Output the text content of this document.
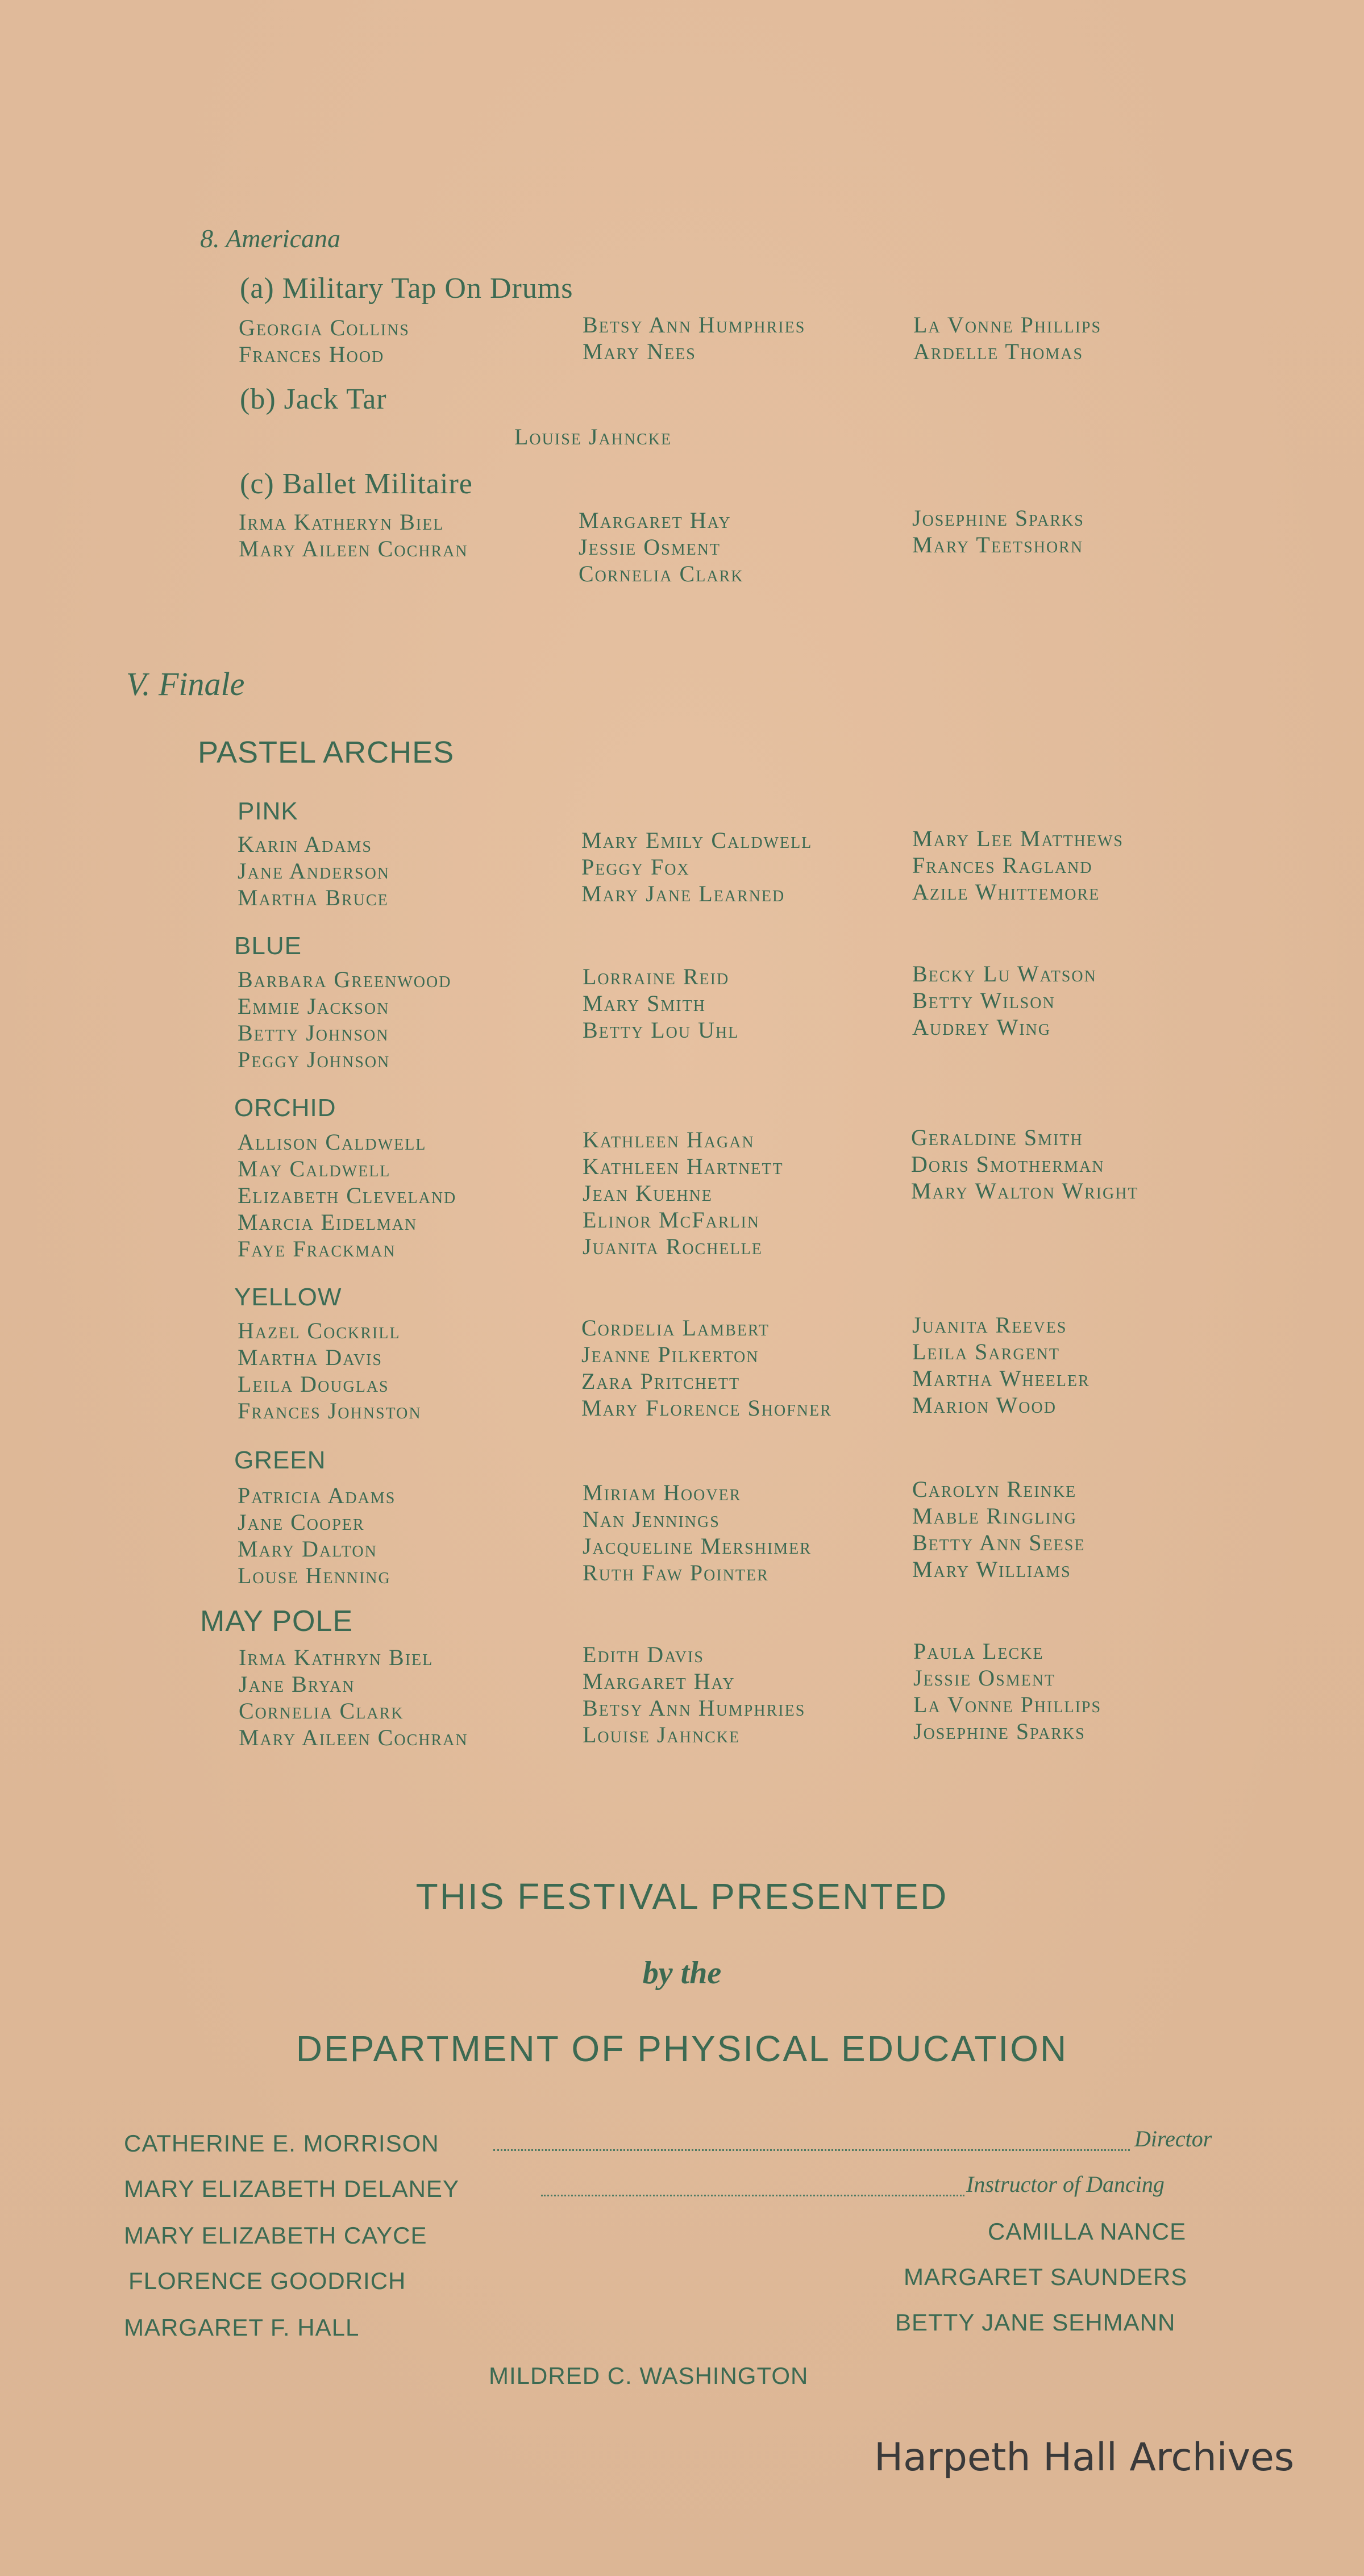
8. Americana
(a) Military Tap On Drums
Georgia Collins
Frances Hood
Betsy Ann Humphries
Mary Nees
La Vonne Phillips
Ardelle Thomas
(b) Jack Tar
Louise Jahncke
(c) Ballet Militaire
Irma Katheryn Biel
Mary Aileen Cochran
Margaret Hay
Jessie Osment
Cornelia Clark
Josephine Sparks
Mary Teetshorn
V. Finale
PASTEL ARCHES
PINK
Karin Adams
Jane Anderson
Martha Bruce
Mary Emily Caldwell
Peggy Fox
Mary Jane Learned
Mary Lee Matthews
Frances Ragland
Azile Whittemore
BLUE
Barbara Greenwood
Emmie Jackson
Betty Johnson
Peggy Johnson
Lorraine Reid
Mary Smith
Betty Lou Uhl
Becky Lu Watson
Betty Wilson
Audrey Wing
ORCHID
Allison Caldwell
May Caldwell
Elizabeth Cleveland
Marcia Eidelman
Faye Frackman
Kathleen Hagan
Kathleen Hartnett
Jean Kuehne
Elinor McFarlin
Juanita Rochelle
Geraldine Smith
Doris Smotherman
Mary Walton Wright
YELLOW
Hazel Cockrill
Martha Davis
Leila Douglas
Frances Johnston
Cordelia Lambert
Jeanne Pilkerton
Zara Pritchett
Mary Florence Shofner
Juanita Reeves
Leila Sargent
Martha Wheeler
Marion Wood
GREEN
Patricia Adams
Jane Cooper
Mary Dalton
Louse Henning
Miriam Hoover
Nan Jennings
Jacqueline Mershimer
Ruth Faw Pointer
Carolyn Reinke
Mable Ringling
Betty Ann Seese
Mary Williams
MAY POLE
Irma Kathryn Biel
Jane Bryan
Cornelia Clark
Mary Aileen Cochran
Edith Davis
Margaret Hay
Betsy Ann Humphries
Louise Jahncke
Paula Lecke
Jessie Osment
La Vonne Phillips
Josephine Sparks
THIS FESTIVAL PRESENTED
by the
DEPARTMENT OF PHYSICAL EDUCATION
CATHERINE E. MORRISON	Director
MARY ELIZABETH DELANEY	Instructor of Dancing
MARY ELIZABETH CAYCE
FLORENCE GOODRICH
MARGARET F. HALL
CAMILLA NANCE
MARGARET SAUNDERS
BETTY JANE SEHMANN
MILDRED C. WASHINGTON
Harpeth Hall Archives
